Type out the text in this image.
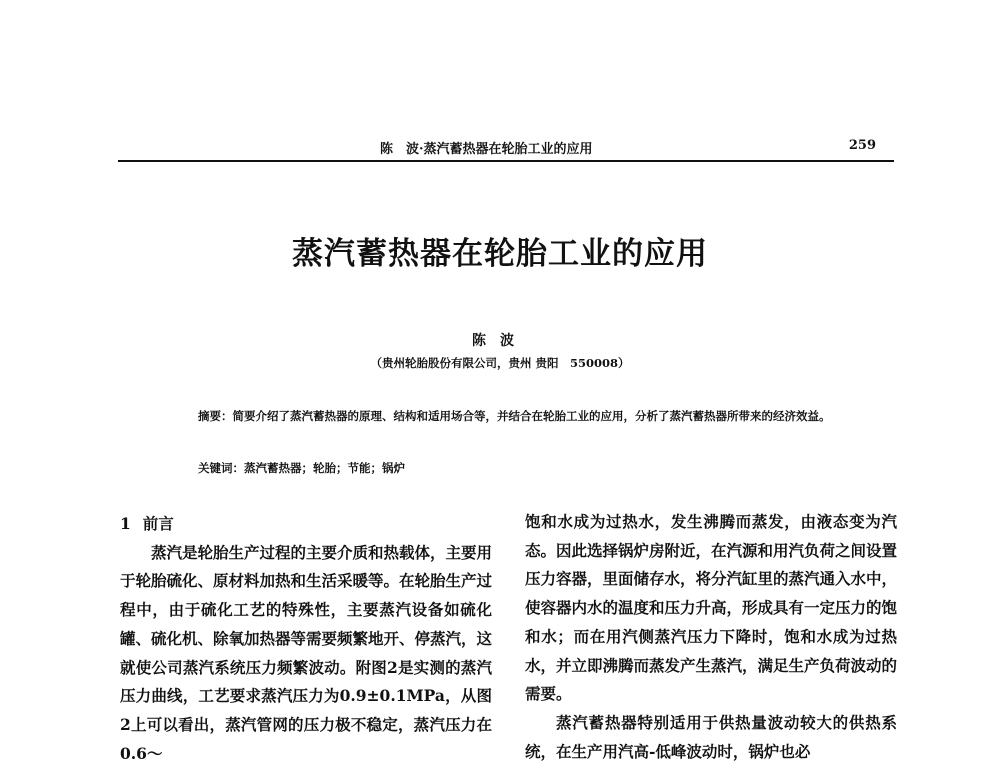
陈　波·蒸汽蓄热器在轮胎工业的应用	259
蒸汽蓄热器在轮胎工业的应用
陈波
（贵州轮胎股份有限公司，贵州 贵阳　550008）

摘要：简要介绍了蒸汽蓄热器的原理、结构和适用场合等，并结合在轮胎工业的应用，分析了蒸汽蓄热器所带来的经济效益。

关键词：蒸汽蓄热器；轮胎；节能；锅炉
1 前言

蒸汽是轮胎生产过程的主要介质和热载体，主要用于轮胎硫化、原材料加热和生活采暖等。在轮胎生产过程中，由于硫化工艺的特殊性，主要蒸汽设备如硫化罐、硫化机、除氧加热器等需要频繁地开、停蒸汽，这就使公司蒸汽系统压力频繁波动。附图2是实测的蒸汽压力曲线，工艺要求蒸汽压力为0.9±0.1MPa，从图2上可以看出，蒸汽管网的压力极不稳定，蒸汽压力在0.6～

饱和水成为过热水，发生沸腾而蒸发，由液态变为汽态。因此选择锅炉房附近，在汽源和用汽负荷之间设置压力容器，里面储存水，将分汽缸里的蒸汽通入水中，使容器内水的温度和压力升高，形成具有一定压力的饱和水；而在用汽侧蒸汽压力下降时，饱和水成为过热水，并立即沸腾而蒸发产生蒸汽，满足生产负荷波动的需要。

蒸汽蓄热器特别适用于供热量波动较大的供热系统，在生产用汽高-低峰波动时，锅炉也必
